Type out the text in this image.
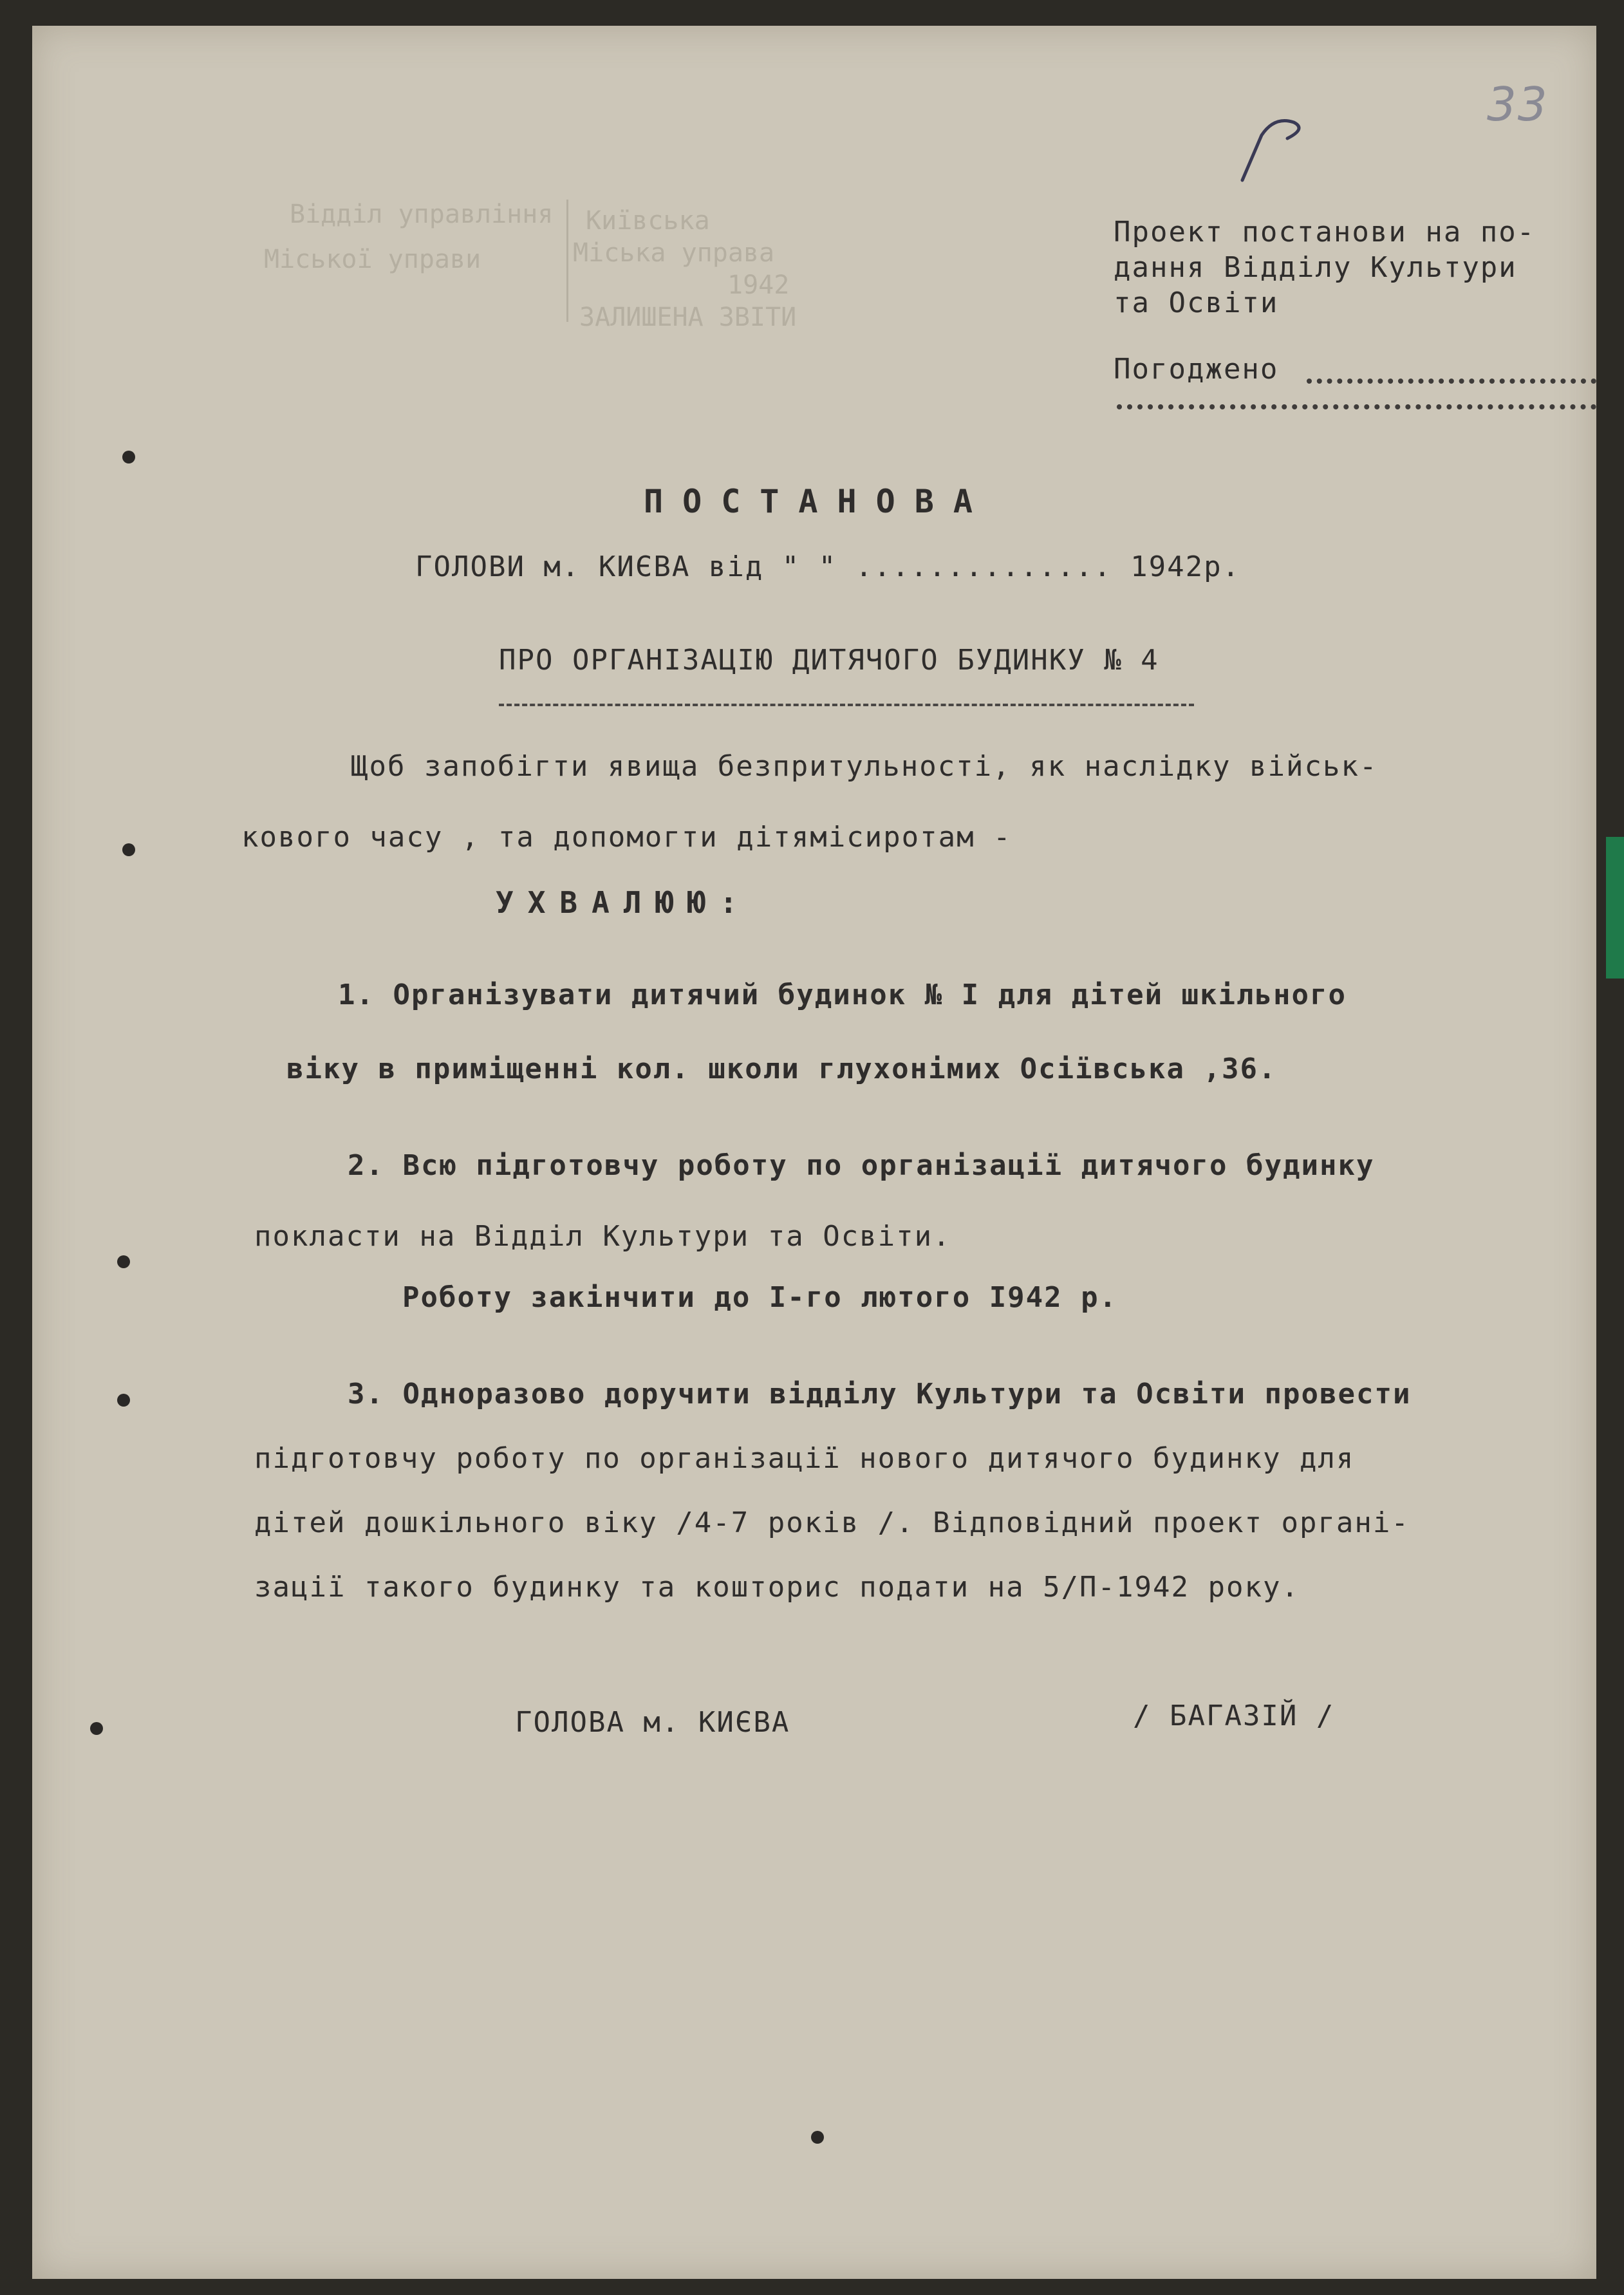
33
Відділ управління
Міської управи
Київська
Міська управа
1942
ЗАЛИШЕНА ЗВІТИ
Проект постанови на по-
дання Відділу Культури
та Освіти
Погоджено
ПОСТАНОВА
ГОЛОВИ м. КИЄВА від " " .............. 1942р.
ПРО ОРГАНІЗАЦІЮ ДИТЯЧОГО БУДИНКУ № 4
Щоб запобігти явища безпритульності, як наслідку військ-
кового часу , та допомогти дітямісиротам -
УХВАЛЮЮ:
1. Організувати дитячий будинок № І для дітей шкільного
віку в приміщенні кол. школи глухонімих Осіївська ,36.
2. Всю підготовчу роботу по організації дитячого будинку
покласти на Відділ Культури та Освіти.
Роботу закінчити до І-го лютого І942 р.
3. Одноразово доручити відділу Культури та Освіти провести
підготовчу роботу по організації нового дитячого будинку для
дітей дошкільного віку /4-7 років /. Відповідний проект органі-
зації такого будинку та кошторис подати на 5/П-1942 року.
ГОЛОВА м. КИЄВА	/ БАГАЗІЙ /
